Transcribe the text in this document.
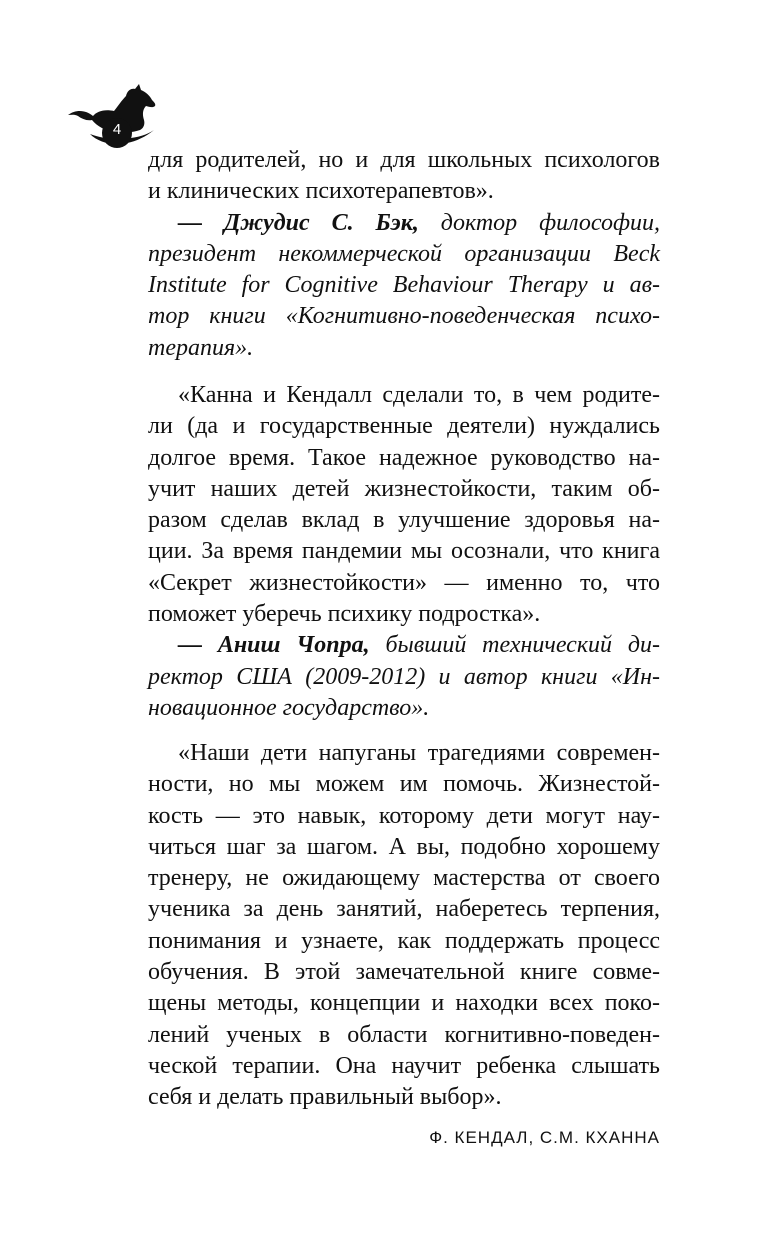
4

для родителей, но и для школьных психологов

и клинических психотерапевтов».

— Джудис С. Бэк, доктор философии,

президент некоммерческой организации Beck

Institute for Cognitive Behaviour Therapy и ав-

тор книги «Когнитивно-поведенческая психо-

терапия».

«Канна и Кендалл сделали то, в чем родите-

ли (да и государственные деятели) нуждались

долгое время. Такое надежное руководство на-

учит наших детей жизнестойкости, таким об-

разом сделав вклад в улучшение здоровья на-

ции. За время пандемии мы осознали, что книга

«Секрет жизнестойкости» — именно то, что

поможет уберечь психику подростка».

— Аниш Чопра, бывший технический ди-

ректор США (2009-2012) и автор книги «Ин-

новационное государство».

«Наши дети напуганы трагедиями современ-

ности, но мы можем им помочь. Жизнестой-

кость — это навык, которому дети могут нау-

читься шаг за шагом. А вы, подобно хорошему

тренеру, не ожидающему мастерства от своего

ученика за день занятий, наберетесь терпения,

понимания и узнаете, как поддержать процесс

обучения. В этой замечательной книге совме-

щены методы, концепции и находки всех поко-

лений ученых в области когнитивно-поведен-

ческой терапии. Она научит ребенка слышать

себя и делать правильный выбор».

Ф. КЕНДАЛ, С.М. КХАННА
